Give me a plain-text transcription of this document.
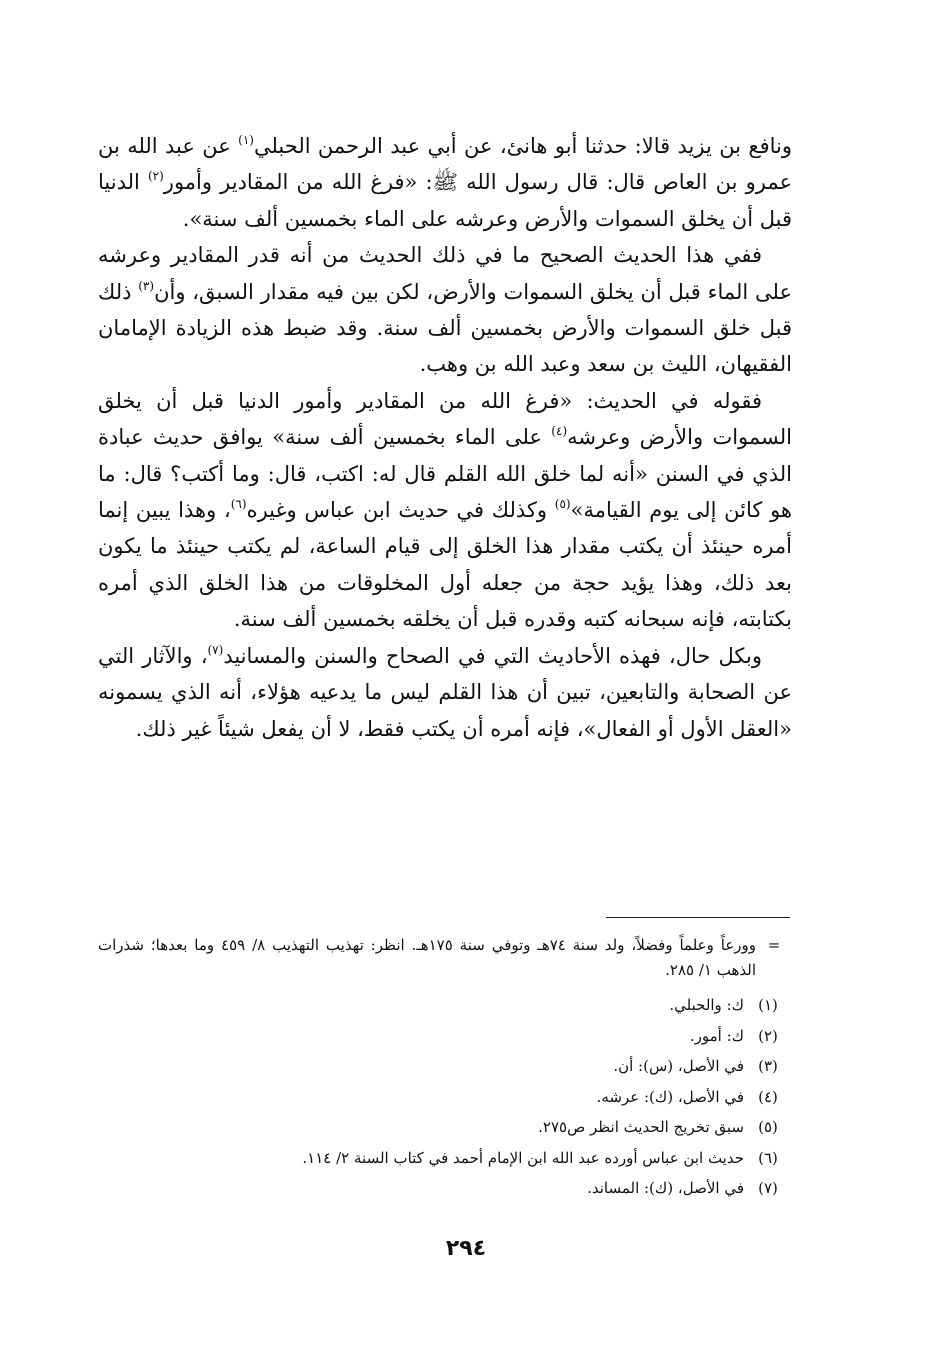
ونافع بن يزيد قالا: حدثنا أبو هانئ، عن أبي عبد الرحمن الحبلي$^{(١)}$ عن عبد الله بن عمرو بن العاص قال: قال رسول الله ﷺ: «فرغ الله من المقادير وأمور$^{(٢)}$ الدنيا قبل أن يخلق السموات والأرض وعرشه على الماء بخمسين ألف سنة».

ففي هذا الحديث الصحيح ما في ذلك الحديث من أنه قدر المقادير وعرشه على الماء قبل أن يخلق السموات والأرض، لكن بين فيه مقدار السبق، وأن$^{(٣)}$ ذلك قبل خلق السموات والأرض بخمسين ألف سنة. وقد ضبط هذه الزيادة الإمامان الفقيهان، الليث بن سعد وعبد الله بن وهب.

فقوله في الحديث: «فرغ الله من المقادير وأمور الدنيا قبل أن يخلق السموات والأرض وعرشه$^{(٤)}$ على الماء بخمسين ألف سنة» يوافق حديث عبادة الذي في السنن «أنه لما خلق الله القلم قال له: اكتب، قال: وما أكتب؟ قال: ما هو كائن إلى يوم القيامة»$^{(٥)}$ وكذلك في حديث ابن عباس وغيره$^{(٦)}$، وهذا يبين إنما أمره حينئذ أن يكتب مقدار هذا الخلق إلى قيام الساعة، لم يكتب حينئذ ما يكون بعد ذلك، وهذا يؤيد حجة من جعله أول المخلوقات من هذا الخلق الذي أمره بكتابته، فإنه سبحانه كتبه وقدره قبل أن يخلقه بخمسين ألف سنة.

وبكل حال، فهذه الأحاديث التي في الصحاح والسنن والمسانيد$^{(٧)}$، والآثار التي عن الصحابة والتابعين، تبين أن هذا القلم ليس ما يدعيه هؤلاء، أنه الذي يسمونه «العقل الأول أو الفعال»، فإنه أمره أن يكتب فقط، لا أن يفعل شيئاً غير ذلك.

=
وورعاً وعلماً وفضلاً، ولد سنة ٧٤هـ وتوفي سنة ١٧٥هـ. انظر: تهذيب التهذيب ٨/ ٤٥٩ وما بعدها؛ شذرات الذهب ١/ ٢٨٥.
(١)
ك: والحبلي.
(٢)
ك: أمور.
(٣)
في الأصل، (س): أن.
(٤)
في الأصل، (ك): عرشه.
(٥)
سبق تخريج الحديث انظر ص٢٧٥.
(٦)
حديث ابن عباس أورده عبد الله ابن الإمام أحمد في كتاب السنة ٢/ ١١٤.
(٧)
في الأصل، (ك): المساند.
٢٩٤
